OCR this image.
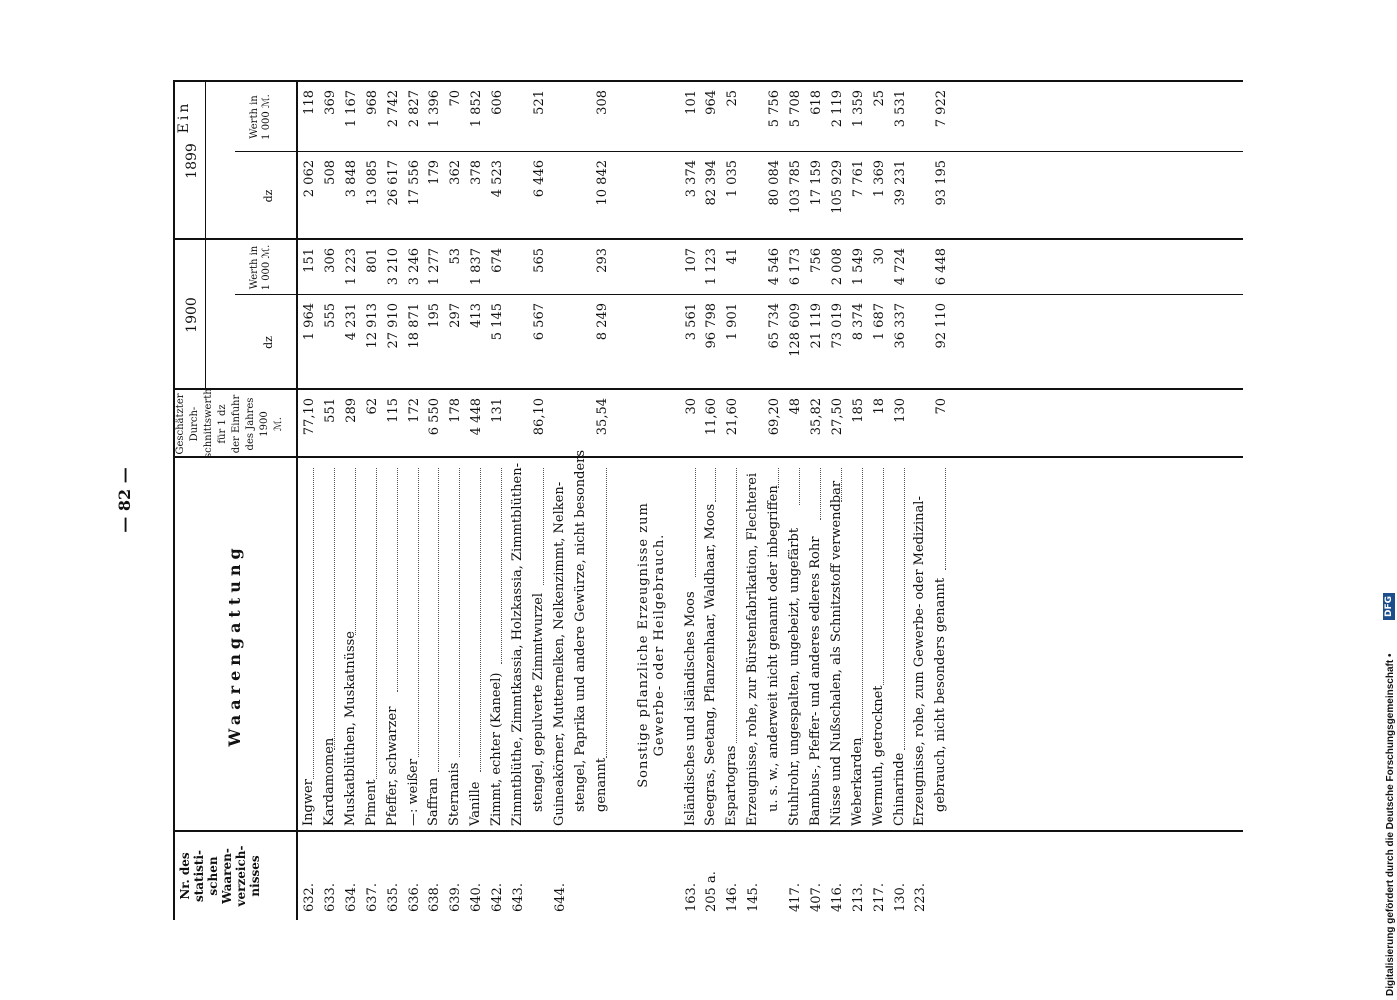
— 82 —
Nr. des statisti- schen Waaren- verzeich- nisses
Waarengattung
Geschätzter Durch- schnittswerth für 1 dz der Einfuhr des Jahres 1900 ℳ.
1900
1899
dz
dz
Werth in
Werth in
1 000 ℳ.
1 000 ℳ.
Ein
632.
Ingwer
77,10
1 964
151
2 062
118
633.
Kardamomen
551
555
306
508
369
634.
Muskatblüthen, Muskatnüsse
289
4 231
1 223
3 848
1 167
637.
Piment
62
12 913
801
13 085
968
635.
Pfeffer, schwarzer
115
27 910
3 210
26 617
2 742
636.
—: weißer
172
18 871
3 246
17 556
2 827
638.
Saffran
6 550
195
1 277
179
1 396
639.
Sternanis
178
297
53
362
70
640.
Vanille
4 448
413
1 837
378
1 852
642.
Zimmt, echter (Kaneel)
131
5 145
674
4 523
606
643.
Zimmtblüthe, Zimmtkassia, Holzkassia, Zimmtblüthen- stengel, gepulverte Zimmtwurzel
86,10
6 567
565
6 446
521
644.
Guineakörner, Mutternelken, Nelkenzimmt, Nelken- stengel, Paprika und andere Gewürze, nicht besonders genannt
35,54
8 249
293
10 842
308
Sonstige pflanzliche Erzeugnisse zum Gewerbe- oder Heilgebrauch.
163.
Isländisches und isländisches Moos
30
3 561
107
3 374
101
205 a.
Seegras, Seetang, Pflanzenhaar, Waldhaar, Moos
11,60
96 798
1 123
82 394
964
146.
Espartogras
21,60
1 901
41
1 035
25
145.
Erzeugnisse, rohe, zur Bürstenfabrikation, Flechterei u. s. w., anderweit nicht genannt oder inbegriffen
69,20
65 734
4 546
80 084
5 756
417.
Stuhlrohr, ungespalten, ungebeizt, ungefärbt
48
128 609
6 173
103 785
5 708
407.
Bambus-, Pfeffer- und anderes edleres Rohr
35,82
21 119
756
17 159
618
416.
Nüsse und Nußschalen, als Schnitzstoff verwendbar
27,50
73 019
2 008
105 929
2 119
213.
Weberkarden
185
8 374
1 549
7 761
1 359
217.
Wermuth, getrocknet
18
1 687
30
1 369
25
130.
Chinarinde
130
36 337
4 724
39 231
3 531
223.
Erzeugnisse, rohe, zum Gewerbe- oder Medizinal- gebrauch, nicht besonders genannt
70
92 110
6 448
93 195
7 922
Digitalisierung gefördert durch die Deutsche Forschungsgemeinschaft •
DFG
